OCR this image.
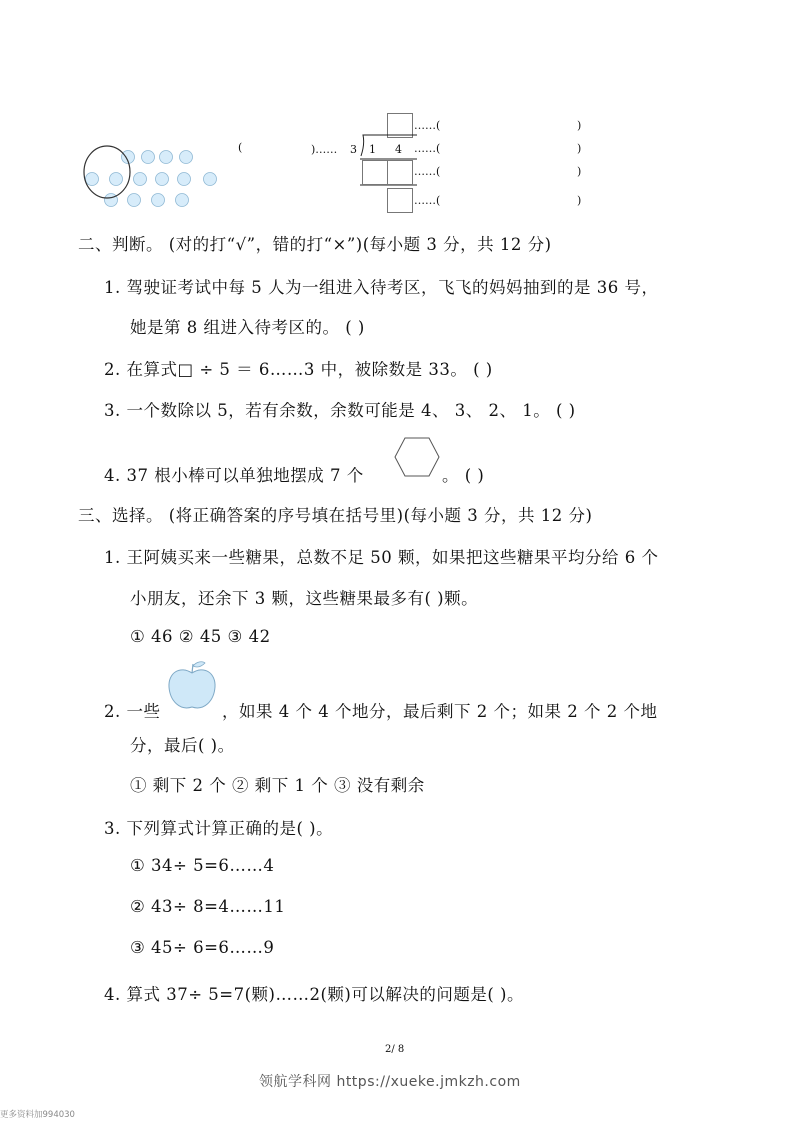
(	)…… 3 1 4
……(
……(
……(
……(
)
)
)
)
二、判断。 (对的打“√”，错的打“×”)(每小题 3 分，共 12 分)
1. 驾驶证考试中每 5 人为一组进入待考区，飞飞的妈妈抽到的是 36 号，
她是第 8 组进入待考区的。 ( )
2. 在算式□ ÷ 5 ＝ 6……3 中，被除数是 33。 ( )
3. 一个数除以 5，若有余数，余数可能是 4、 3、 2、 1。 ( )
4. 37 根小棒可以单独地摆成 7 个	。 ( )
三、选择。 (将正确答案的序号填在括号里)(每小题 3 分，共 12 分)
1. 王阿姨买来一些糖果，总数不足 50 颗，如果把这些糖果平均分给 6 个
小朋友，还余下 3 颗，这些糖果最多有( )颗。
① 46 ② 45 ③ 42
2. 一些	，如果 4 个 4 个地分，最后剩下 2 个；如果 2 个 2 个地
分，最后( )。
① 剩下 2 个 ② 剩下 1 个 ③ 没有剩余
3. 下列算式计算正确的是( )。
① 34÷ 5=6……4
② 43÷ 8=4……11
③ 45÷ 6=6……9
4. 算式 37÷ 5=7(颗)……2(颗)可以解决的问题是( )。
2/ 8
领航学科网 https://xueke.jmkzh.com
更多资料加994030
